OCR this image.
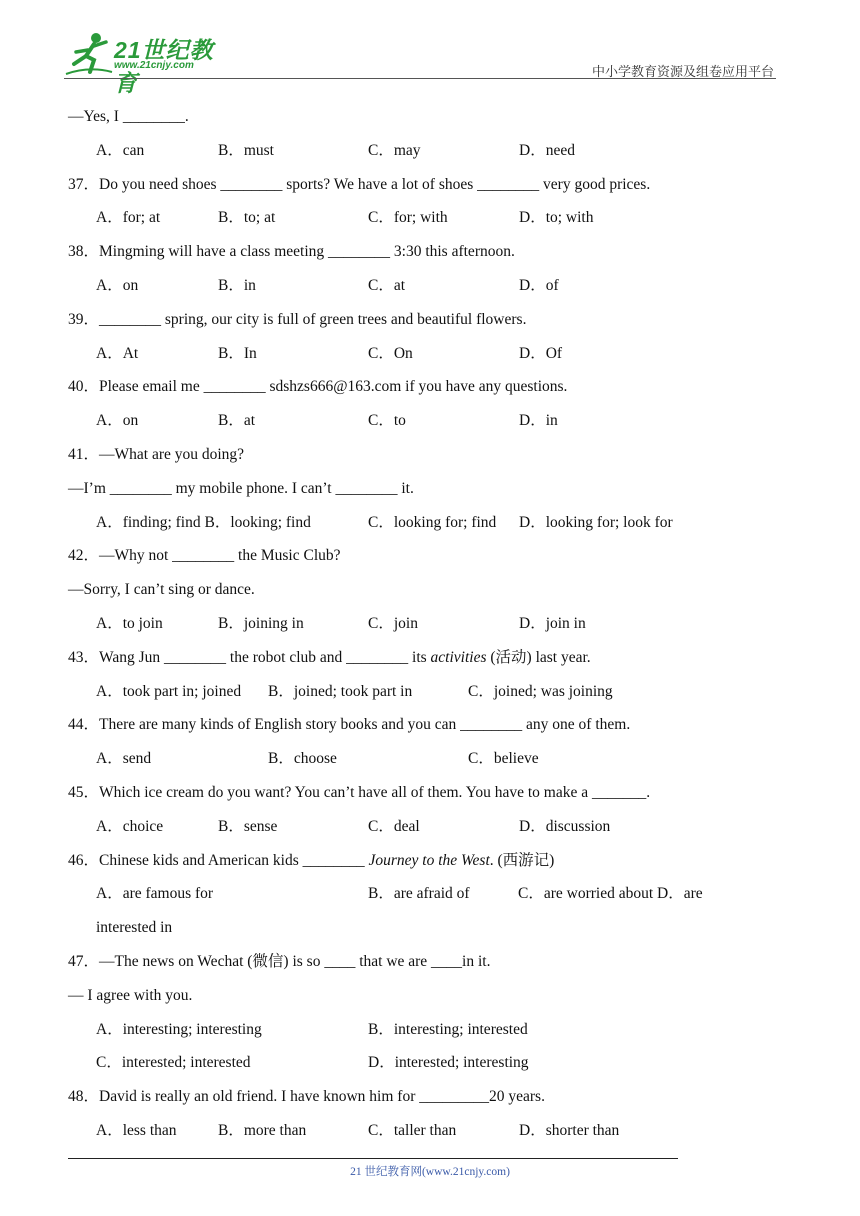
21世纪教育
www.21cnjy.com	中小学教育资源及组卷应用平台
—Yes, I ________.
A．can	B．must	C．may	D．need
37．Do you need shoes ________ sports? We have a lot of shoes ________ very good prices.
A．for; at	B．to; at	C．for; with	D．to; with
38．Mingming will have a class meeting ________ 3:30 this afternoon.
A．on	B．in	C．at	D．of
39．________ spring, our city is full of green trees and beautiful flowers.
A．At	B．In	C．On	D．Of
40．Please email me ________ sdshzs666@163.com if you have any questions.
A．on	B．at	C．to	D．in
41．—What are you doing?
—I’m ________ my mobile phone. I can’t ________ it.
A．finding; find B．looking; find	C．looking for; find D．looking for; look for
42．—Why not ________ the Music Club?
—Sorry, I can’t sing or dance.
A．to join	B．joining in	C．join	D．join in
43．Wang Jun ________ the robot club and ________ its activities (活动) last year.
A．took part in; joined B．joined; took part in	C．joined; was joining
44．There are many kinds of English story books and you can ________ any one of them.
A．send	B．choose	C．believe
45．Which ice cream do you want? You can’t have all of them. You have to make a _______.
A．choice	B．sense	C．deal	D．discussion
46．Chinese kids and American kids ________ Journey to the West. (西游记)
A．are famous for	B．are afraid of	C．are worried about D．are
interested in
47．—The news on Wechat (微信) is so ____ that we are ____in it.
— I agree with you.
A．interesting; interesting	B．interesting; interested
C．interested; interested	D．interested; interesting
48．David is really an old friend. I have known him for _________20 years.
A．less than	B．more than	C．taller than	D．shorter than
21 世纪教育网(www.21cnjy.com)
